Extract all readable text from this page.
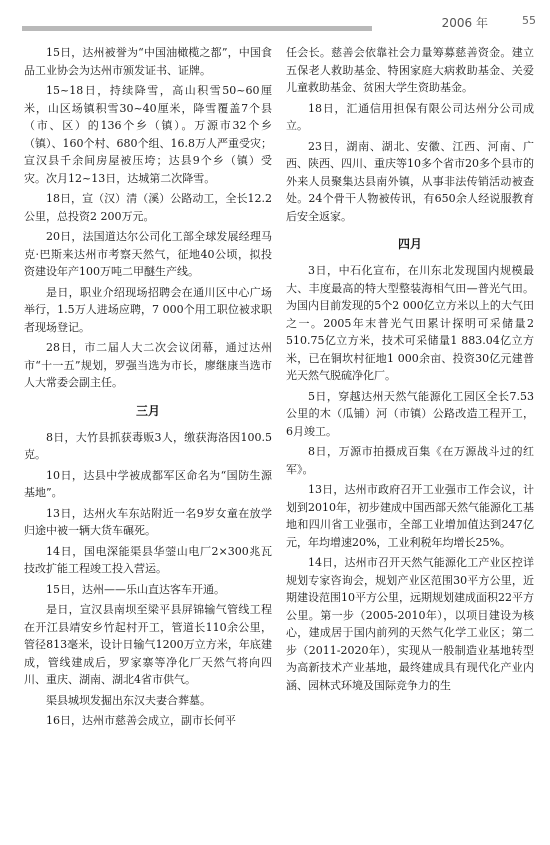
2006 年	55

15日，达州被誉为“中国油橄榄之都”，中国食品工业协会为达州市颁发证书、证牌。

15~18日，持续降雪，高山积雪50~60厘米，山区场镇积雪30~40厘米，降雪覆盖7个县（市、区）的136个乡（镇）。万源市32个乡（镇）、160个村、680个组、16.8万人严重受灾；宣汉县千余间房屋被压垮；达县9个乡（镇）受灾。次月12~13日，达城第二次降雪。

18日，宣（汉）清（溪）公路动工，全长12.2公里，总投资2 200万元。

20日，法国道达尔公司化工部全球发展经理马克·巴斯来达州市考察天然气，征地40公顷，拟投资建设年产100万吨二甲醚生产线。

是日，职业介绍现场招聘会在通川区中心广场举行，1.5万人进场应聘，7 000个用工职位被求职者现场登记。

28日，市二届人大二次会议闭幕，通过达州市“十一五”规划，罗强当选为市长，廖继康当选市人大常委会副主任。

三月

8日，大竹县抓获毒贩3人，缴获海洛因100.5克。

10日，达县中学被成都军区命名为“国防生源基地”。

13日，达州火车东站附近一名9岁女童在放学归途中被一辆大货车碾死。

14日，国电深能渠县华蓥山电厂2×300兆瓦技改扩能工程竣工投入营运。

15日，达州——乐山直达客车开通。

是日，宣汉县南坝至梁平县屏锦输气管线工程在开江县靖安乡竹起村开工，管道长110余公里，管径813毫米，设计日输气1200万立方米，年底建成，管线建成后，罗家寨等净化厂天然气将向四川、重庆、湖南、湖北4省市供气。

渠县城坝发掘出东汉夫妻合葬墓。

16日，达州市慈善会成立，副市长何平

任会长。慈善会依靠社会力量筹募慈善资金。建立五保老人救助基金、特困家庭大病救助基金、关爱儿童救助基金、贫困大学生资助基金。

18日，汇通信用担保有限公司达州分公司成立。

23日，湖南、湖北、安徽、江西、河南、广西、陕西、四川、重庆等10多个省市20多个县市的外来人员聚集达县南外镇，从事非法传销活动被查处。24个骨干人物被传讯，有650余人经说服教育后安全返家。

四月

3日，中石化宣布，在川东北发现国内规模最大、丰度最高的特大型整装海相气田—普光气田。为国内目前发现的5个2 000亿立方米以上的大气田之一。2005年末普光气田累计探明可采储量2 510.75亿立方米，技术可采储量1 883.04亿立方米，已在铜坎村征地1 000余亩、投资30亿元建普光天然气脱硫净化厂。

5日，穿越达州天然气能源化工园区全长7.53公里的木（瓜铺）河（市镇）公路改造工程开工，6月竣工。

8日，万源市拍摄成百集《在万源战斗过的红军》。

13日，达州市政府召开工业强市工作会议，计划到2010年，初步建成中国西部天然气能源化工基地和四川省工业强市，全部工业增加值达到247亿元，年均增速20%，工业利税年均增长25%。

14日，达州市召开天然气能源化工产业区控详规划专家咨询会，规划产业区范围30平方公里，近期建设范围10平方公里，远期规划建成面积22平方公里。第一步（2005-2010年），以项目建设为核心，建成居于国内前列的天然气化学工业区；第二步（2011-2020年），实现从一般制造业基地转型为高新技术产业基地，最终建成具有现代化产业内涵、园林式环境及国际竞争力的生
